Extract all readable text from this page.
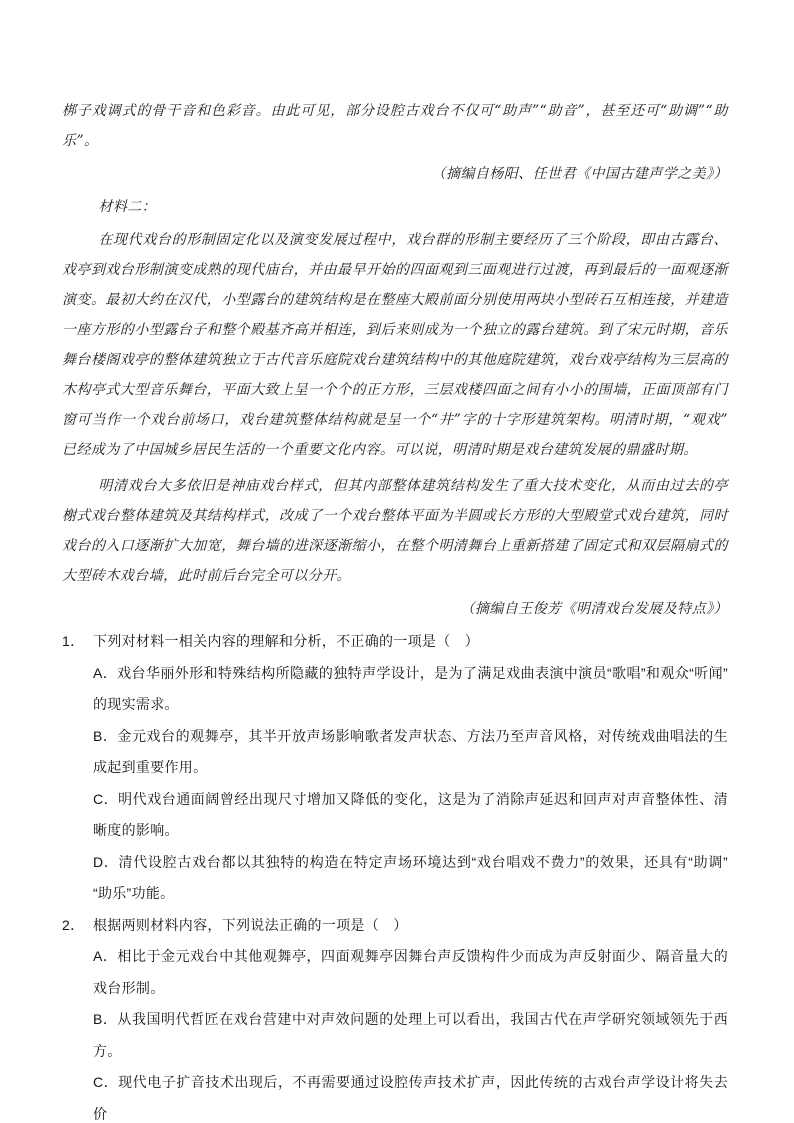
梆子戏调式的骨干音和色彩音。由此可见，部分设腔古戏台不仅可“助声”“助音”，甚至还可“助调”“助乐”。

（摘编自杨阳、任世君《中国古建声学之美》）

材料二：

在现代戏台的形制固定化以及演变发展过程中，戏台群的形制主要经历了三个阶段，即由古露台、戏亭到戏台形制演变成熟的现代庙台，并由最早开始的四面观到三面观进行过渡，再到最后的一面观逐渐演变。最初大约在汉代，小型露台的建筑结构是在整座大殿前面分别使用两块小型砖石互相连接，并建造一座方形的小型露台子和整个殿基齐高并相连，到后来则成为一个独立的露台建筑。到了宋元时期，音乐舞台楼阁戏亭的整体建筑独立于古代音乐庭院戏台建筑结构中的其他庭院建筑，戏台戏亭结构为三层高的木构亭式大型音乐舞台，平面大致上呈一个个的正方形，三层戏楼四面之间有小小的围墙，正面顶部有门窗可当作一个戏台前场口，戏台建筑整体结构就是呈一个“井”字的十字形建筑架构。明清时期，“观戏”已经成为了中国城乡居民生活的一个重要文化内容。可以说，明清时期是戏台建筑发展的鼎盛时期。

明清戏台大多依旧是神庙戏台样式，但其内部整体建筑结构发生了重大技术变化，从而由过去的亭榭式戏台整体建筑及其结构样式，改成了一个戏台整体平面为半圆或长方形的大型殿堂式戏台建筑，同时戏台的入口逐渐扩大加宽，舞台墙的进深逐渐缩小，在整个明清舞台上重新搭建了固定式和双层隔扇式的大型砖木戏台墙，此时前后台完全可以分开。

（摘编自王俊芳《明清戏台发展及特点》）

1． 下列对材料一相关内容的理解和分析，不正确的一项是（　）

A．戏台华丽外形和特殊结构所隐藏的独特声学设计，是为了满足戏曲表演中演员“歌唱”和观众“听闻”的现实需求。

B．金元戏台的观舞亭，其半开放声场影响歌者发声状态、方法乃至声音风格，对传统戏曲唱法的生成起到重要作用。

C．明代戏台通面阔曾经出现尺寸增加又降低的变化，这是为了消除声延迟和回声对声音整体性、清晰度的影响。

D．清代设腔古戏台都以其独特的构造在特定声场环境达到“戏台唱戏不费力”的效果，还具有“助调”“助乐”功能。

2． 根据两则材料内容，下列说法正确的一项是（　）

A．相比于金元戏台中其他观舞亭，四面观舞亭因舞台声反馈构件少而成为声反射面少、隔音量大的戏台形制。

B．从我国明代哲匠在戏台营建中对声效问题的处理上可以看出，我国古代在声学研究领域领先于西方。

C．现代电子扩音技术出现后，不再需要通过设腔传声技术扩声，因此传统的古戏台声学设计将失去价
